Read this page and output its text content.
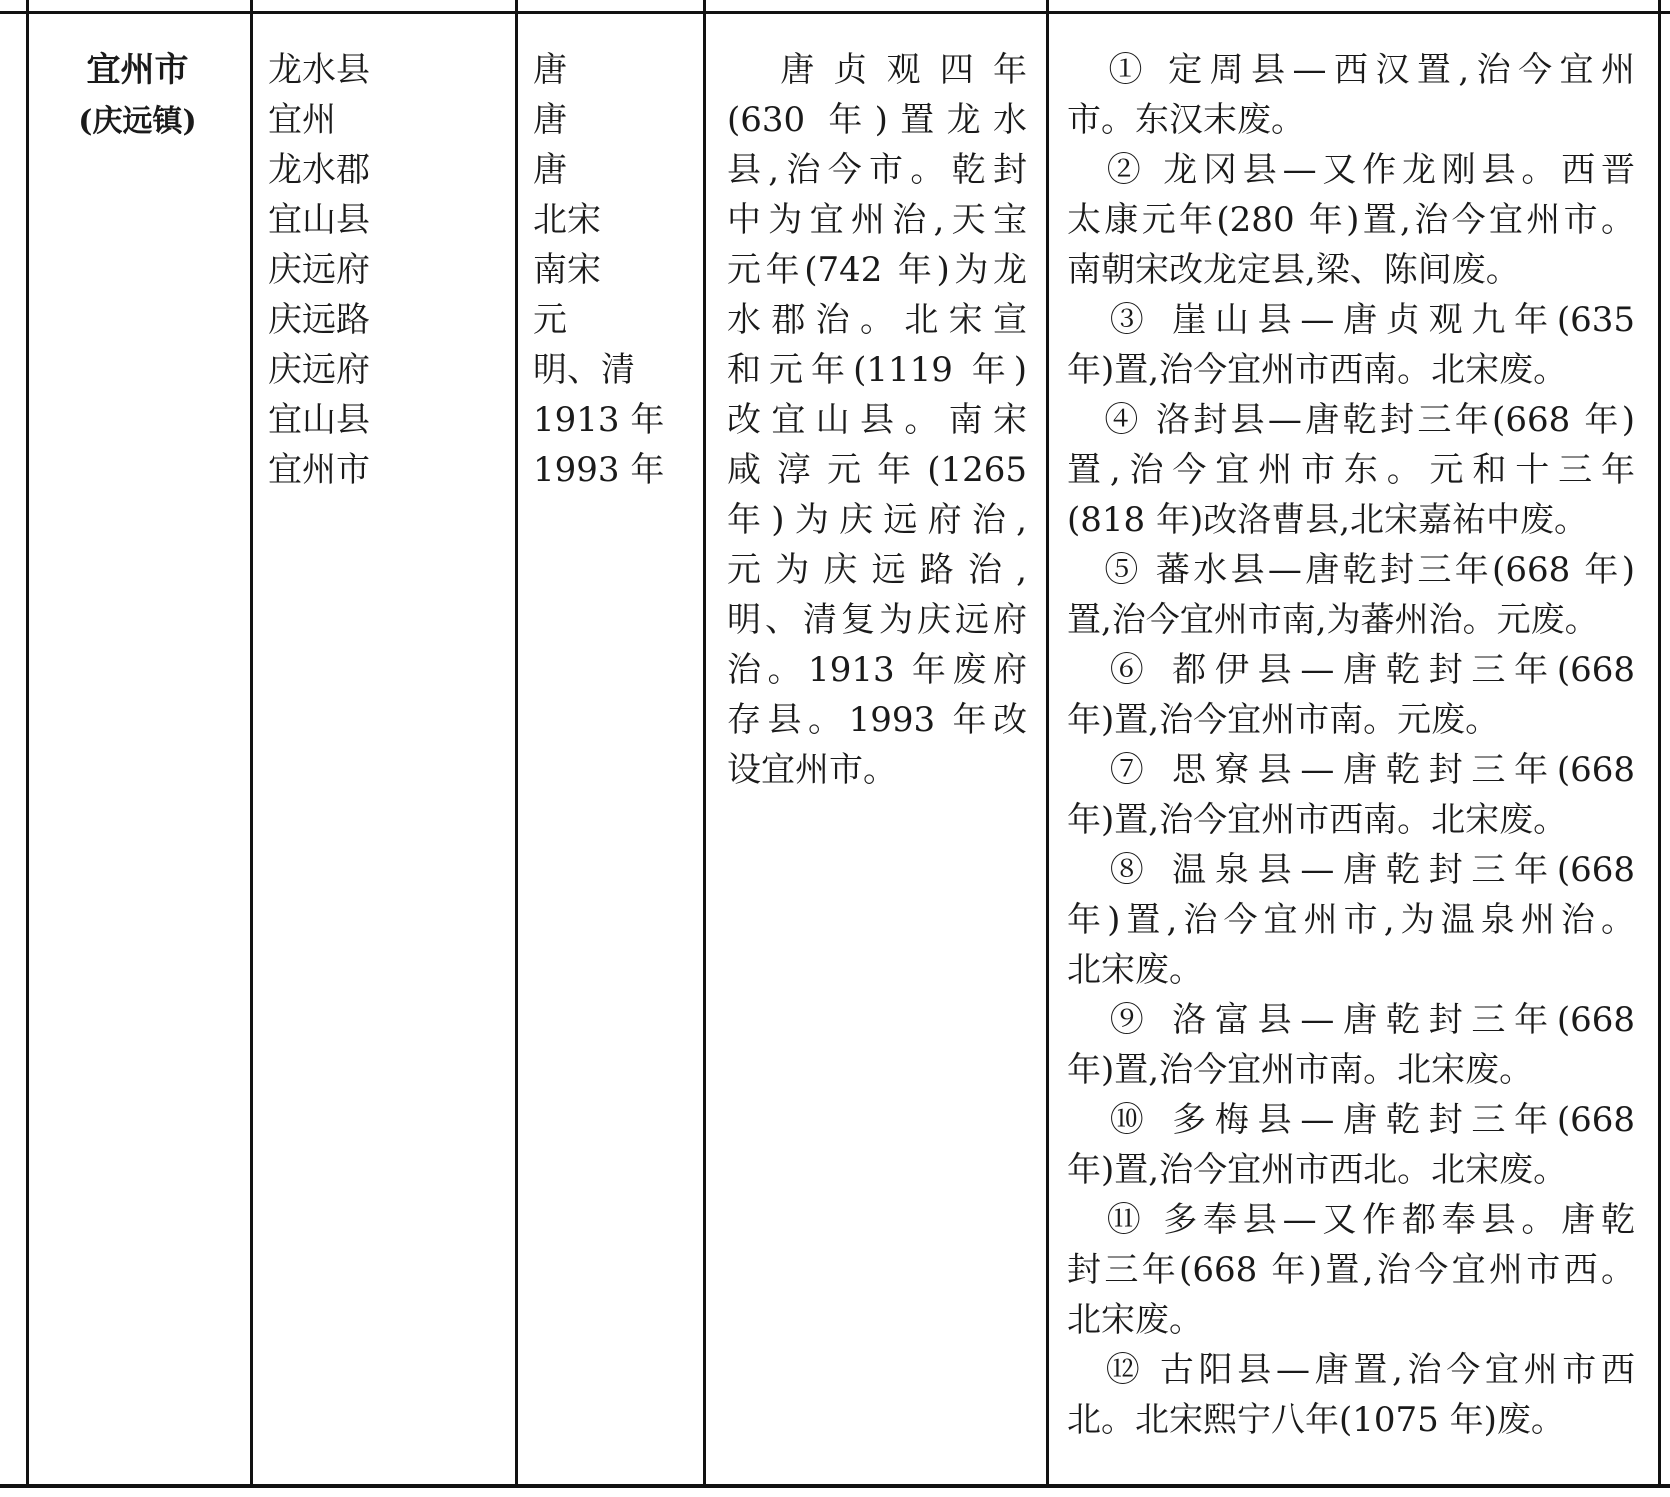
宜州市
(庆远镇)
龙水县
宜州
龙水郡
宜山县
庆远府
庆远路
庆远府
宜山县
宜州市
唐
唐
唐
北宋
南宋
元
明、清
1913 年
1993 年
　唐贞观四年
(630 年)置龙水
县,治今市。乾封
中为宜州治,天宝
元年(742 年)为龙
水郡治。北宋宣
和元年(1119 年)
改宜山县。南宋
咸淳元年(1265
年)为庆远府治,
元为庆远路治,
明、清复为庆远府
治。1913 年废府
存县。1993 年改
设宜州市。
　① 定周县—西汉置,治今宜州
市。东汉末废。
　② 龙冈县—又作龙刚县。西晋
太康元年(280 年)置,治今宜州市。
南朝宋改龙定县,梁、陈间废。
　③ 崖山县—唐贞观九年(635
年)置,治今宜州市西南。北宋废。
　④ 洛封县—唐乾封三年(668 年)
置,治今宜州市东。元和十三年
(818 年)改洛曹县,北宋嘉祐中废。
　⑤ 蕃水县—唐乾封三年(668 年)
置,治今宜州市南,为蕃州治。元废。
　⑥ 都伊县—唐乾封三年(668
年)置,治今宜州市南。元废。
　⑦ 思寮县—唐乾封三年(668
年)置,治今宜州市西南。北宋废。
　⑧ 温泉县—唐乾封三年(668
年)置,治今宜州市,为温泉州治。
北宋废。
　⑨ 洛富县—唐乾封三年(668
年)置,治今宜州市南。北宋废。
　⑩ 多梅县—唐乾封三年(668
年)置,治今宜州市西北。北宋废。
　⑪ 多奉县—又作都奉县。唐乾
封三年(668 年)置,治今宜州市西。
北宋废。
　⑫ 古阳县—唐置,治今宜州市西
北。北宋熙宁八年(1075 年)废。
